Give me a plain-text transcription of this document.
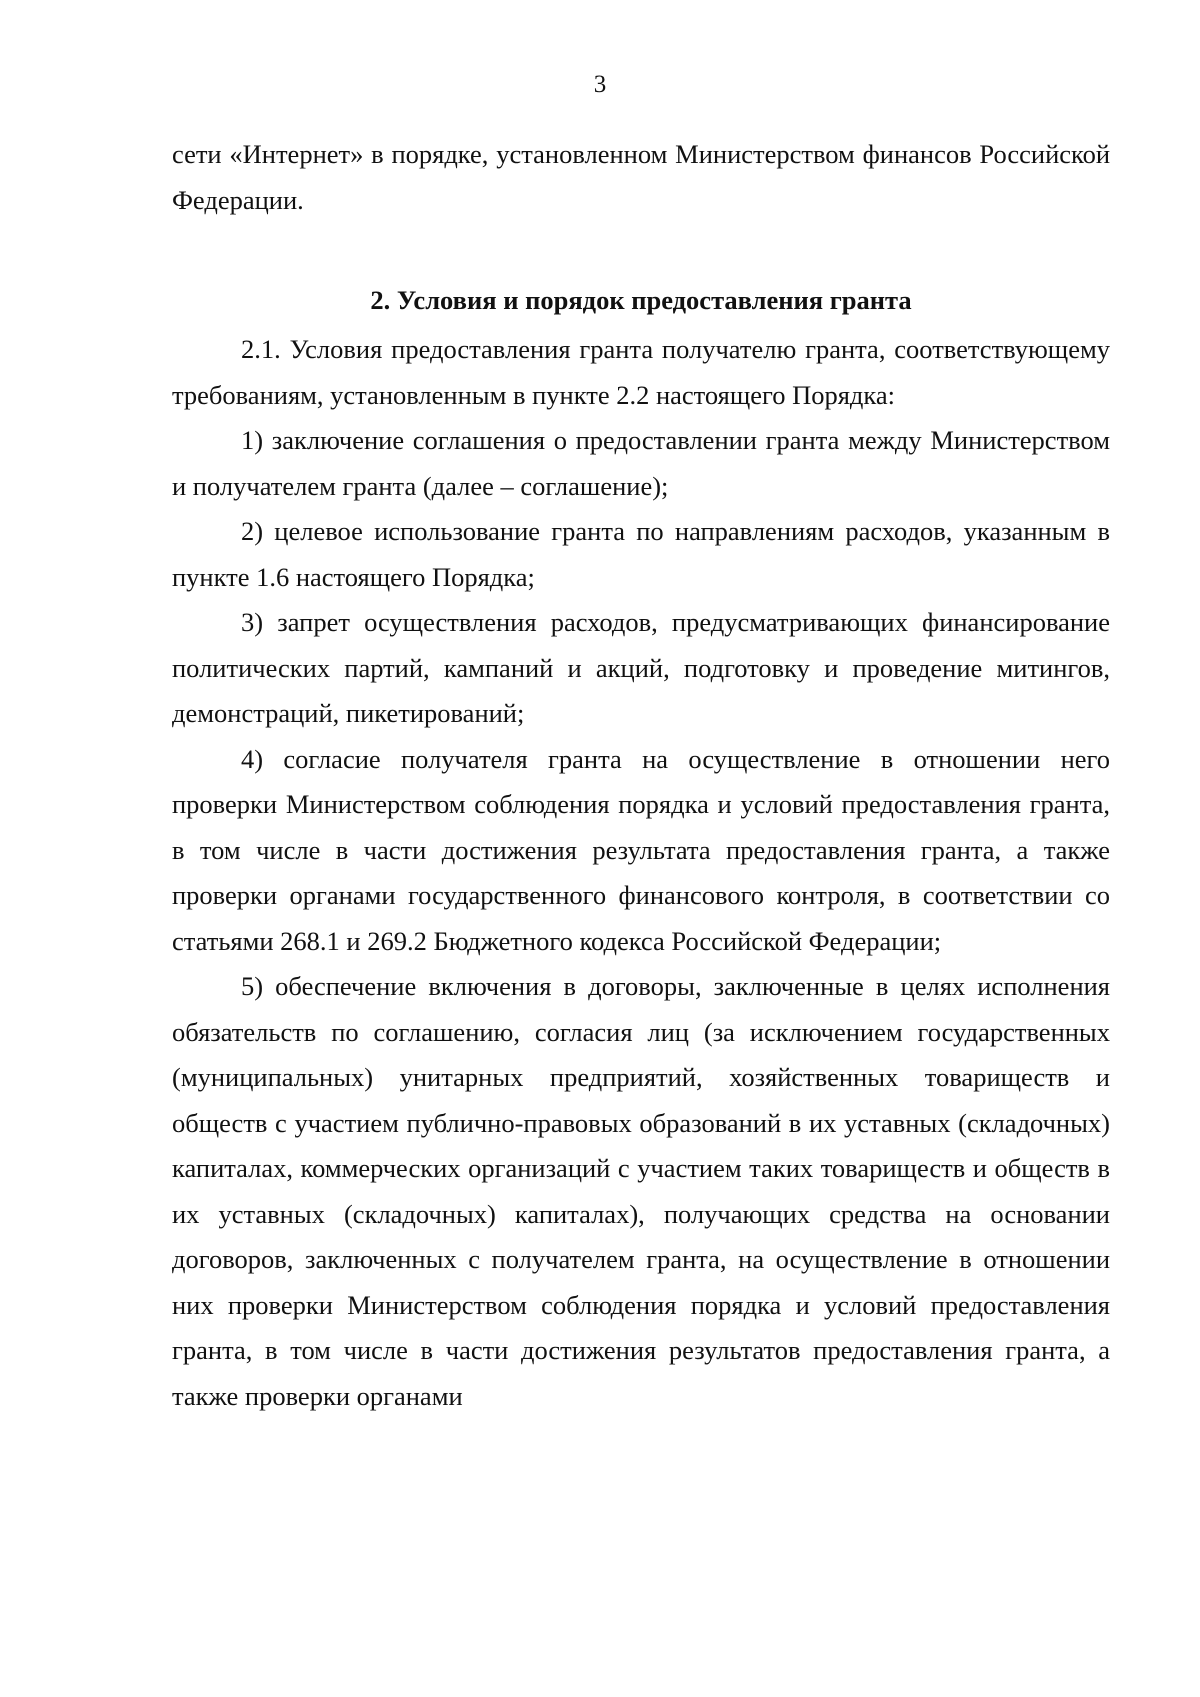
3

сети «Интернет» в порядке, установленном Министерством финансов Российской Федерации.

2. Условия и порядок предоставления гранта

2.1. Условия предоставления гранта получателю гранта, соответствующему требованиям, установленным в пункте 2.2 настоящего Порядка:

1) заключение соглашения о предоставлении гранта между Министерством и получателем гранта (далее – соглашение);

2) целевое использование гранта по направлениям расходов, указанным в пункте 1.6 настоящего Порядка;

3) запрет осуществления расходов, предусматривающих финансирование политических партий, кампаний и акций, подготовку и проведение митингов, демонстраций, пикетирований;

4) согласие получателя гранта на осуществление в отношении него проверки Министерством соблюдения порядка и условий предоставления гранта, в том числе в части достижения результата предоставления гранта, а также проверки органами государственного финансового контроля, в соответствии со статьями 268.1 и 269.2 Бюджетного кодекса Российской Федерации;

5) обеспечение включения в договоры, заключенные в целях исполнения обязательств по соглашению, согласия лиц (за исключением государственных (муниципальных) унитарных предприятий, хозяйственных товариществ и обществ с участием публично-правовых образований в их уставных (складочных) капиталах, коммерческих организаций с участием таких товариществ и обществ в их уставных (складочных) капиталах), получающих средства на основании договоров, заключенных с получателем гранта, на осуществление в отношении них проверки Министерством соблюдения порядка и условий предоставления гранта, в том числе в части достижения результатов предоставления гранта, а также проверки органами
